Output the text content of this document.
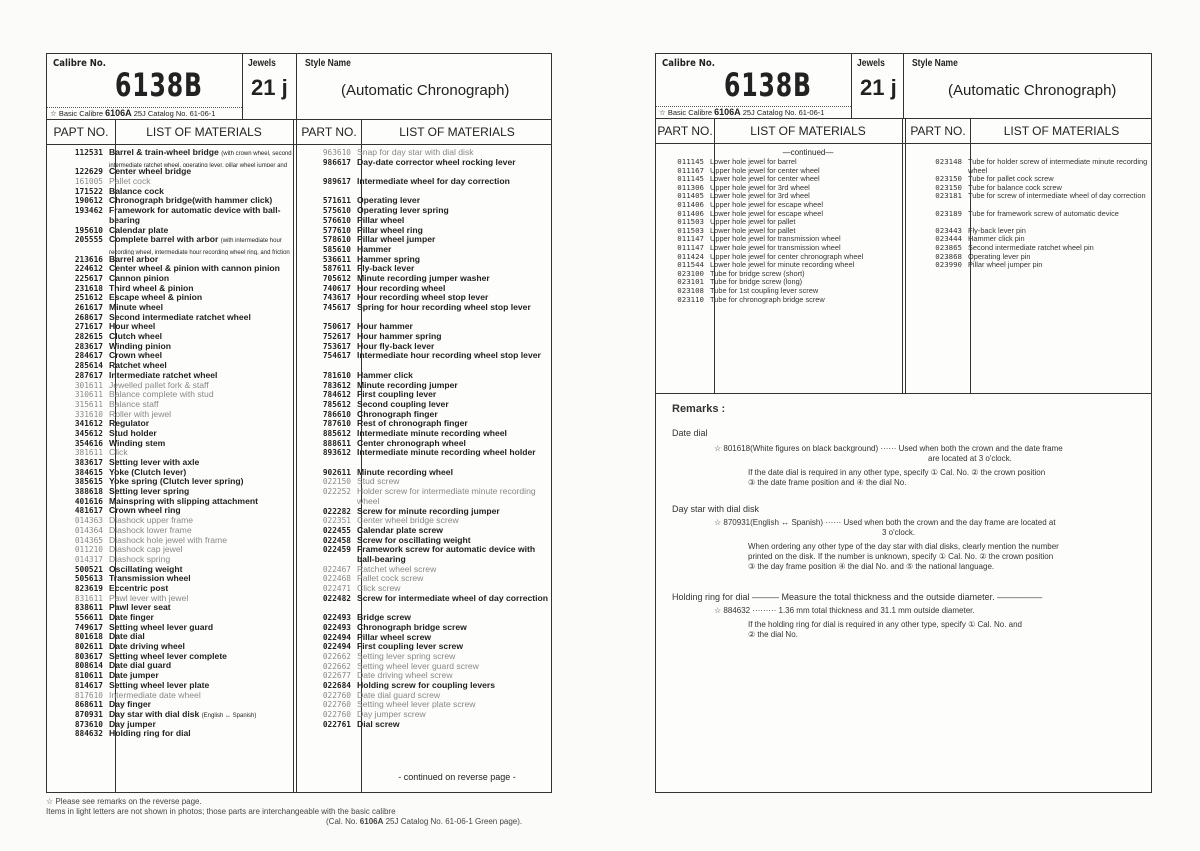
Calibre No.
6138B
☆ Basic Calibre 6106A 25J Catalog No. 61-06-1
Jewels
21 j
Style Name
(Automatic Chronograph)
PAPT NO.	LIST OF MATERIALS	PART NO.	LIST OF MATERIALS
112531 Barrel & train-wheel bridge (with crown wheel, second intermediate ratchet wheel, operating lever, pillar wheel jumper and
122629 Center wheel bridge
161005 Pallet cock
171522 Balance cock
190612 Chronograph bridge(with hammer click)
193462 Framework for automatic device with ball-bearing
195610 Calendar plate
205555 Complete barrel with arbor (with intermediate hour recording wheel, intermediate hour recording wheel ring, and friction
213616 Barrel arbor
224612 Center wheel & pinion with cannon pinion
225617 Cannon pinion
231618 Third wheel & pinion
251612 Escape wheel & pinion
261617 Minute wheel
268617 Second intermediate ratchet wheel
271617 Hour wheel
282615 Clutch wheel
283617 Winding pinion
284617 Crown wheel
285614 Ratchet wheel
287617 Intermediate ratchet wheel
301611 Jewelled pallet fork & staff
310611 Balance complete with stud
315611 Balance staff
331610 Roller with jewel
341612 Regulator
345612 Stud holder
354616 Winding stem
381611 Click
383617 Setting lever with axle
384615 Yoke (Clutch lever)
385615 Yoke spring (Clutch lever spring)
388618 Setting lever spring
401616 Mainspring with slipping attachment
481617 Crown wheel ring
014363 Diashock upper frame
014364 Diashock lower frame
014365 Diashock hole jewel with frame
011210 Diashock cap jewel
014317 Diashock spring
500521 Oscillating weight
505613 Transmission wheel
823619 Eccentric post
831611 Pawl lever with jewel
838611 Pawl lever seat
556611 Date finger
749617 Setting wheel lever guard
801618 Date dial
802611 Date driving wheel
803617 Setting wheel lever complete
808614 Date dial guard
810611 Date jumper
814617 Setting wheel lever plate
817610 Intermediate date wheel
868611 Day finger
870931 Day star with dial disk (English ↔ Spanish)
873610 Day jumper
884632 Holding ring for dial
963610 Snap for day star with dial disk
986617 Day-date corrector wheel rocking lever
989617 Intermediate wheel for day correction
571611 Operating lever
575610 Operating lever spring
576610 Pillar wheel
577610 Pillar wheel ring
578610 Pillar wheel jumper
585610 Hammer
536611 Hammer spring
587611 Fly-back lever
705612 Minute recording jumper washer
740617 Hour recording wheel
743617 Hour recording wheel stop lever
745617 Spring for hour recording wheel stop lever
750617 Hour hammer
752617 Hour hammer spring
753617 Hour fly-back lever
754617 Intermediate hour recording wheel stop lever
781610 Hammer click
783612 Minute recording jumper
784612 First coupling lever
785612 Second coupling lever
786610 Chronograph finger
787610 Rest of chronograph finger
885612 Intermediate minute recording wheel
888611 Center chronograph wheel
893612 Intermediate minute recording wheel holder
902611 Minute recording wheel
022150 Stud screw
022252 Holder screw for intermediate minute recording wheel
022282 Screw for minute recording jumper
022351 Center wheel bridge screw
022455 Calendar plate screw
022458 Screw for oscillating weight
022459 Framework screw for automatic device with ball-bearing
022467 Ratchet wheel screw
022468 Pallet cock screw
022471 Click screw
022482 Screw for intermediate wheel of day correction
022493 Bridge screw
022493 Chronograph bridge screw
022494 Pillar wheel screw
022494 First coupling lever screw
022662 Setting lever spring screw
022662 Setting wheel lever guard screw
022677 Date driving wheel screw
022684 Holding screw for coupling levers
022760 Date dial guard screw
022760 Setting wheel lever plate screw
022760 Day jumper screw
022761 Dial screw
- continued on reverse page -
☆ Please see remarks on the reverse page.
Items in light letters are not shown in photos; those parts are interchangeable with the basic calibre
(Cal. No. 6106A 25J Catalog No. 61-06-1 Green page).
Calibre No.
6138B
☆ Basic Calibre 6106A 25J Catalog No. 61-06-1
Jewels
21 j
Style Name
(Automatic Chronograph)
PART NO.	LIST OF MATERIALS	PART NO.	LIST OF MATERIALS
—continued—
011145 Lower hole jewel for barrel
011167 Upper hole jewel for center wheel
011145 Lower hole jewel for center wheel
011306 Upper hole jewel for 3rd wheel
011405 Lower hole jewel for 3rd wheel
011406 Upper hole jewel for escape wheel
011406 Lower hole jewel for escape wheel
011503 Upper hole jewel for pallet
011503 Lower hole jewel for pallet
011147 Upper hole jewel for transmission wheel
011147 Lower hole jewel for transmission wheel
011424 Upper hole jewel for center chronograph wheel
011544 Lower hole jewel for minute recording wheel
023100 Tube for bridge screw (short)
023101 Tube for bridge screw (long)
023108 Tube for 1st coupling lever screw
023110 Tube for chronograph bridge screw
023148 Tube for holder screw of intermediate minute recording wheel
023150 Tube for pallet cock screw
023150 Tube for balance cock screw
023181 Tube for screw of intermediate wheel of day correction
023189 Tube for framework screw of automatic device
023443 Fly-back lever pin
023444 Hammer click pin
023865 Second intermediate ratchet wheel pin
023868 Operating lever pin
023990 Pillar wheel jumper pin
Remarks :
Date dial
☆ 801618(White figures on black background) ······ Used when both the crown and the date frame
are located at 3 o'clock.
If the date dial is required in any other type, specify ① Cal. No. ② the crown position
③ the date frame position and ④ the dial No.
Day star with dial disk
☆ 870931(English ↔ Spanish) ······ Used when both the crown and the day frame are located at
3 o'clock.
When ordering any other type of the day star with dial disks, clearly mention the number
printed on the disk. If the number is unknown, specify ① Cal. No. ② the crown position
③ the day frame position ④ the dial No. and ⑤ the national language.
Holding ring for dial ——— Measure the total thickness and the outside diameter. —————
☆ 884632 ········· 1.36 mm total thickness and 31.1 mm outside diameter.
If the holding ring for dial is required in any other type, specify ① Cal. No. and
② the dial No.
